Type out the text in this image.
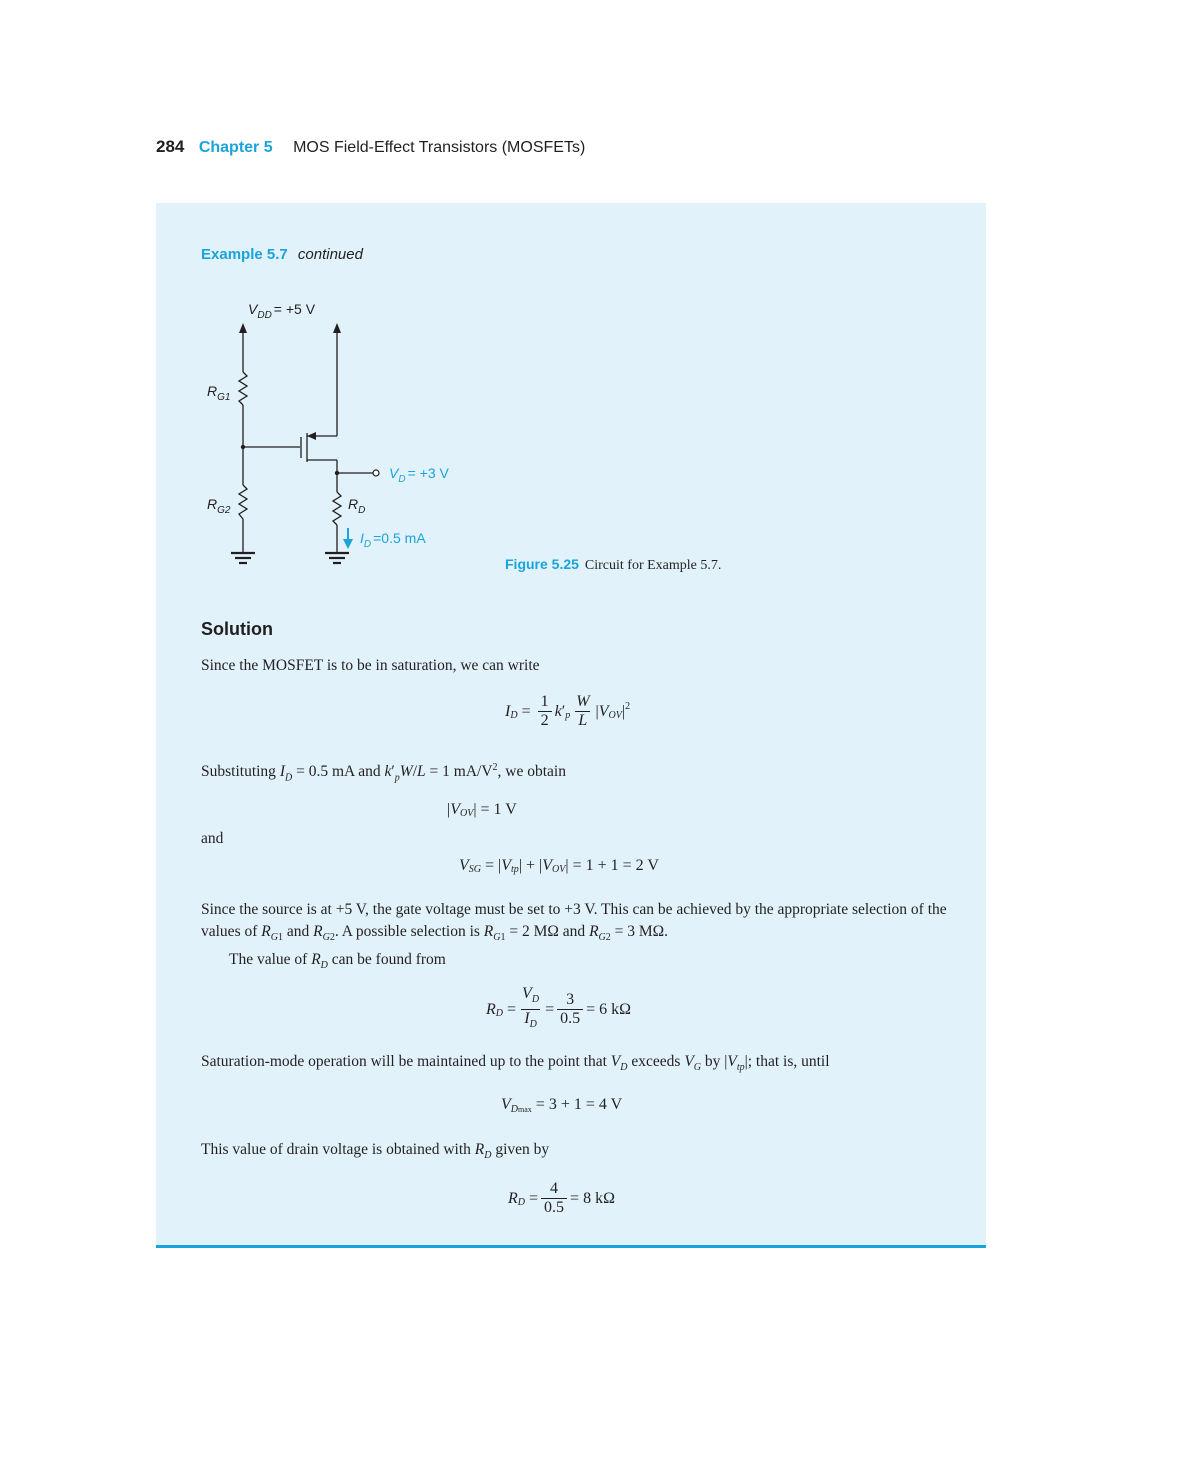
284 Chapter 5 MOS Field-Effect Transistors (MOSFETs)
Example 5.7 continued
$V_{DD} = +5$ V
$R_{G1}$
$R_{G2}$	$R_D$
$V_D = +3$ V
$I_D =0.5$ mA
Figure 5.25 Circuit for Example 5.7.
Solution

Since the MOSFET is to be in saturation, we can write

I $_D = \frac{1}{2}$ k ′ $_p \frac{W}{L}$ | V $_{OV}$ $|^2$

Substituting $I_D = 0.5$ mA and $k'_pW/L = 1$ $mA/V^2$, we obtain

| V $_{OV}$ | = 1 V

and

V $_{SG}$ = | V $_{tp}$ | + | V $_{OV}$ | = 1 + 1 = 2 V

Since the source is at +5 V, the gate voltage must be set to +3 V. This can be achieved by the appropriate selection of the values of $R_{G1}$ and $R_{G2}$. A possible selection is $R_{G1} = 2$ MΩ and $R_{G2} = 3$ MΩ.

The value of $R_D$ can be found from

R $_D = \frac{V_D}{I_D} = \frac{3}{0.5} = 6$ kΩ

Saturation-mode operation will be maintained up to the point that $V_D$ exceeds $V_G$ by $|V_{tp}|$; that is, until

V $_{Dmax}$ = 3 + 1 = 4 V

This value of drain voltage is obtained with $R_D$ given by

R $_D = \frac{4}{0.5} = 8$ kΩ
